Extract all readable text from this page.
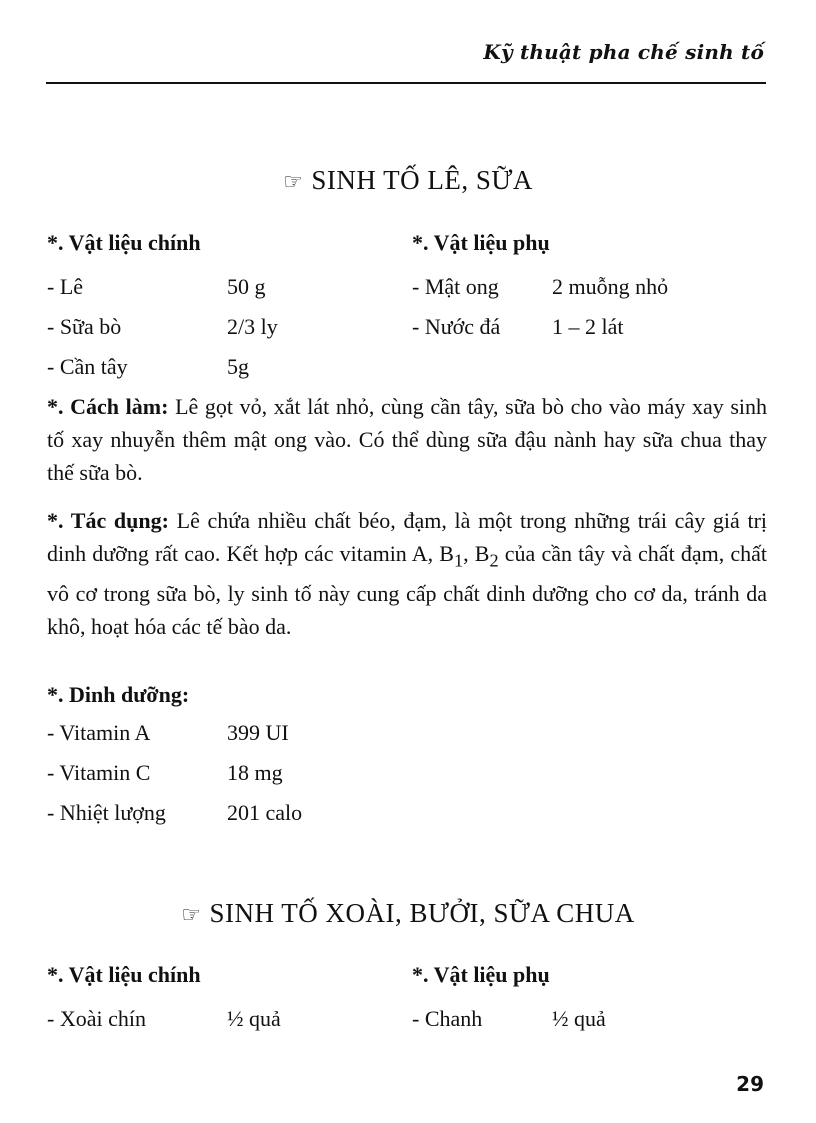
Kỹ thuật pha chế sinh tố
☞ SINH TỐ LÊ, SỮA
*. Vật liệu chính
- Lê	50 g
- Sữa bò	2/3 ly
- Cần tây	5g
*. Vật liệu phụ
- Mật ong	2 muỗng nhỏ
- Nước đá	1 – 2 lát
*. Cách làm: Lê gọt vỏ, xắt lát nhỏ, cùng cần tây, sữa bò cho vào máy xay sinh tố xay nhuyễn thêm mật ong vào. Có thể dùng sữa đậu nành hay sữa chua thay thế sữa bò.
*. Tác dụng: Lê chứa nhiều chất béo, đạm, là một trong những trái cây giá trị dinh dưỡng rất cao. Kết hợp các vitamin A, $B_1$, $B_2$ của cần tây và chất đạm, chất vô cơ trong sữa bò, ly sinh tố này cung cấp chất dinh dưỡng cho cơ da, tránh da khô, hoạt hóa các tế bào da.
*. Dinh dưỡng:
- Vitamin A	399 UI
- Vitamin C	18 mg
- Nhiệt lượng	201 calo
☞ SINH TỐ XOÀI, BƯỞI, SỮA CHUA
*. Vật liệu chính
- Xoài chín	½ quả
*. Vật liệu phụ
- Chanh	½ quả
29
